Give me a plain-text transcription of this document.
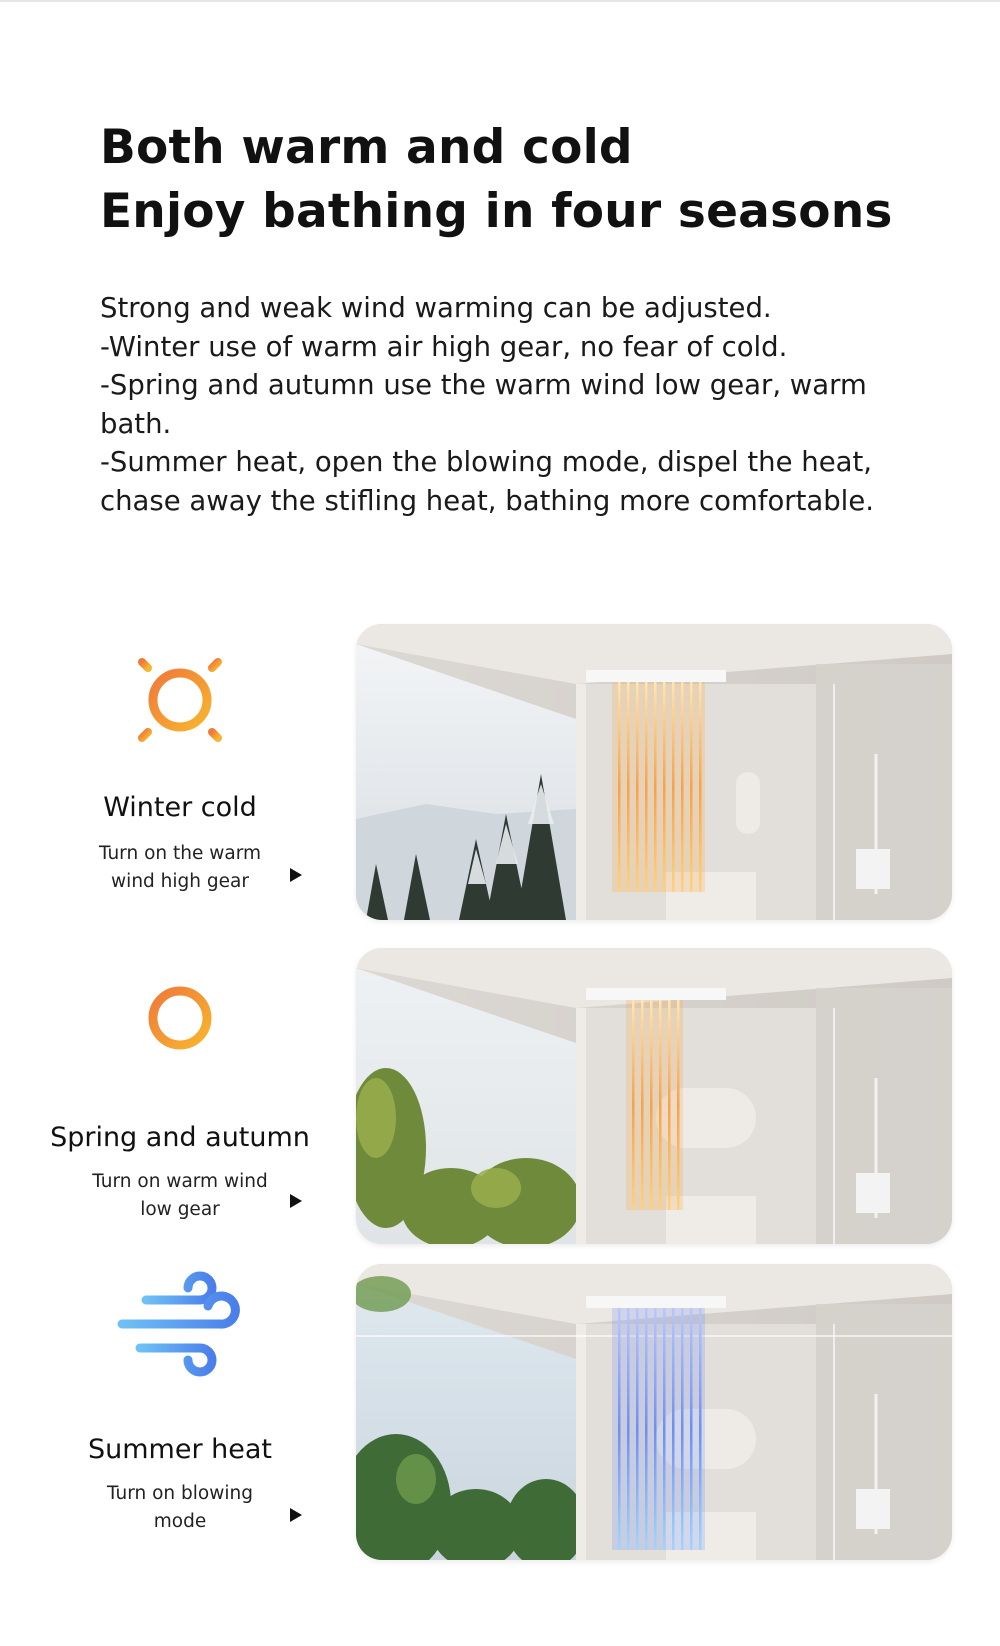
Both warm and cold
Enjoy bathing in four seasons

Strong and weak wind warming can be adjusted.

-Winter use of warm air high gear, no fear of cold.

-Spring and autumn use the warm wind low gear, warm bath.

-Summer heat, open the blowing mode, dispel the heat, chase away the stifling heat, bathing more comfortable.

Winter cold
Turn on the warm
wind high gear
Spring and autumn
Turn on warm wind
low gear
Summer heat
Turn on blowing
mode
